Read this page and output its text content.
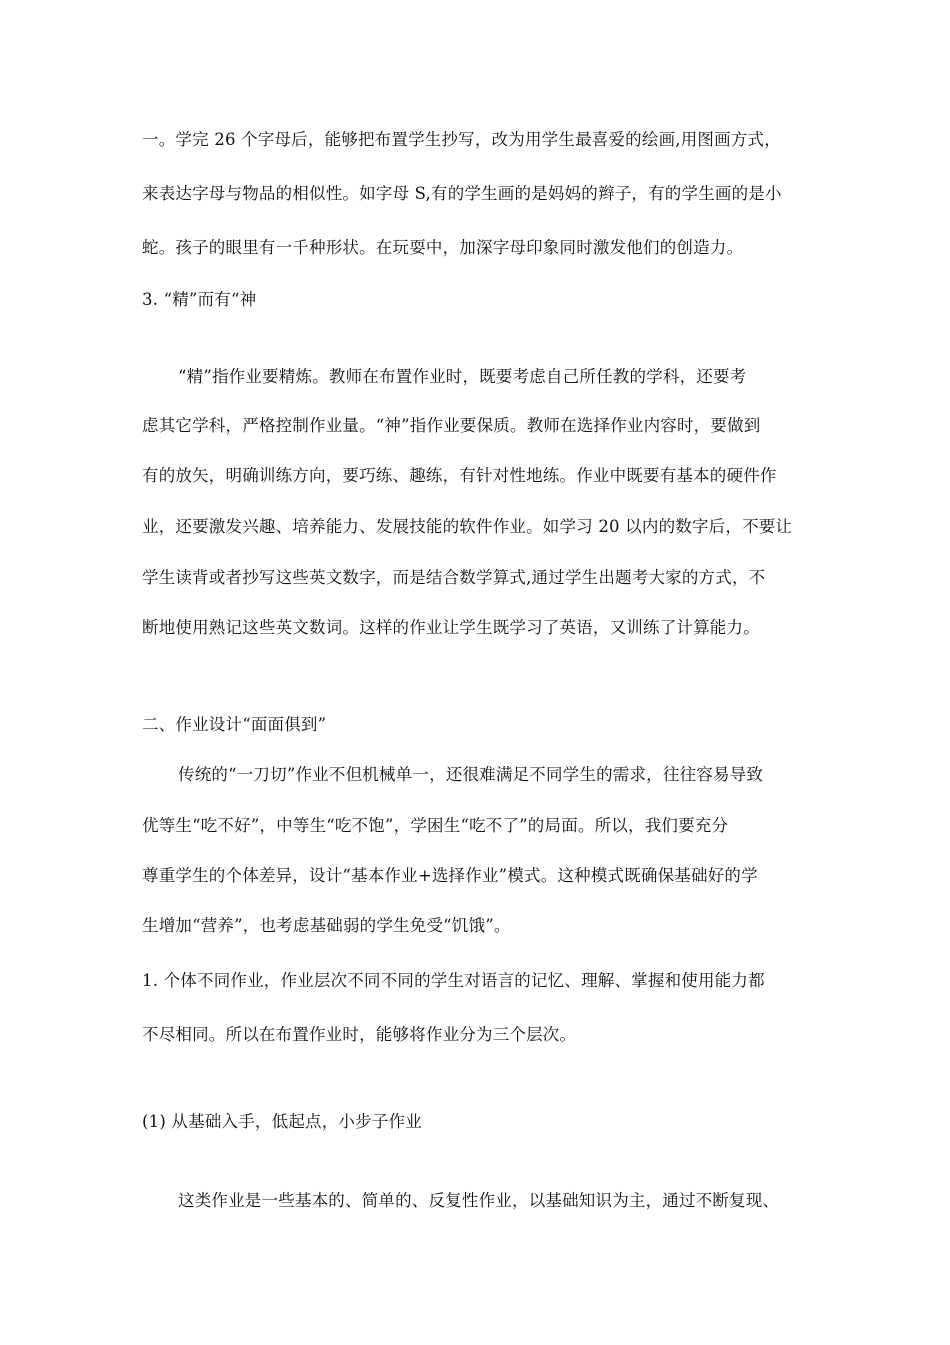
一。学完 26 个字母后，能够把布置学生抄写，改为用学生最喜爱的绘画,用图画方式，
来表达字母与物品的相似性。如字母 S,有的学生画的是妈妈的辫子，有的学生画的是小
蛇。孩子的眼里有一千种形状。在玩耍中，加深字母印象同时激发他们的创造力。
3. “精”而有“神
“精”指作业要精炼。教师在布置作业时，既要考虑自己所任教的学科，还要考
虑其它学科，严格控制作业量。“神”指作业要保质。教师在选择作业内容时，要做到
有的放矢，明确训练方向，要巧练、趣练，有针对性地练。作业中既要有基本的硬件作
业，还要激发兴趣、培养能力、发展技能的软件作业。如学习 20 以内的数字后，不要让
学生读背或者抄写这些英文数字，而是结合数学算式,通过学生出题考大家的方式，不
断地使用熟记这些英文数词。这样的作业让学生既学习了英语，又训练了计算能力。
二、作业设计“面面俱到”
传统的“一刀切”作业不但机械单一，还很难满足不同学生的需求，往往容易导致
优等生“吃不好”，中等生“吃不饱”，学困生“吃不了”的局面。所以，我们要充分
尊重学生的个体差异，设计“基本作业+选择作业”模式。这种模式既确保基础好的学
生增加“营养”，也考虑基础弱的学生免受“饥饿”。
1. 个体不同作业，作业层次不同不同的学生对语言的记忆、理解、掌握和使用能力都
不尽相同。所以在布置作业时，能够将作业分为三个层次。
(1) 从基础入手，低起点，小步子作业
这类作业是一些基本的、简单的、反复性作业，以基础知识为主，通过不断复现、
